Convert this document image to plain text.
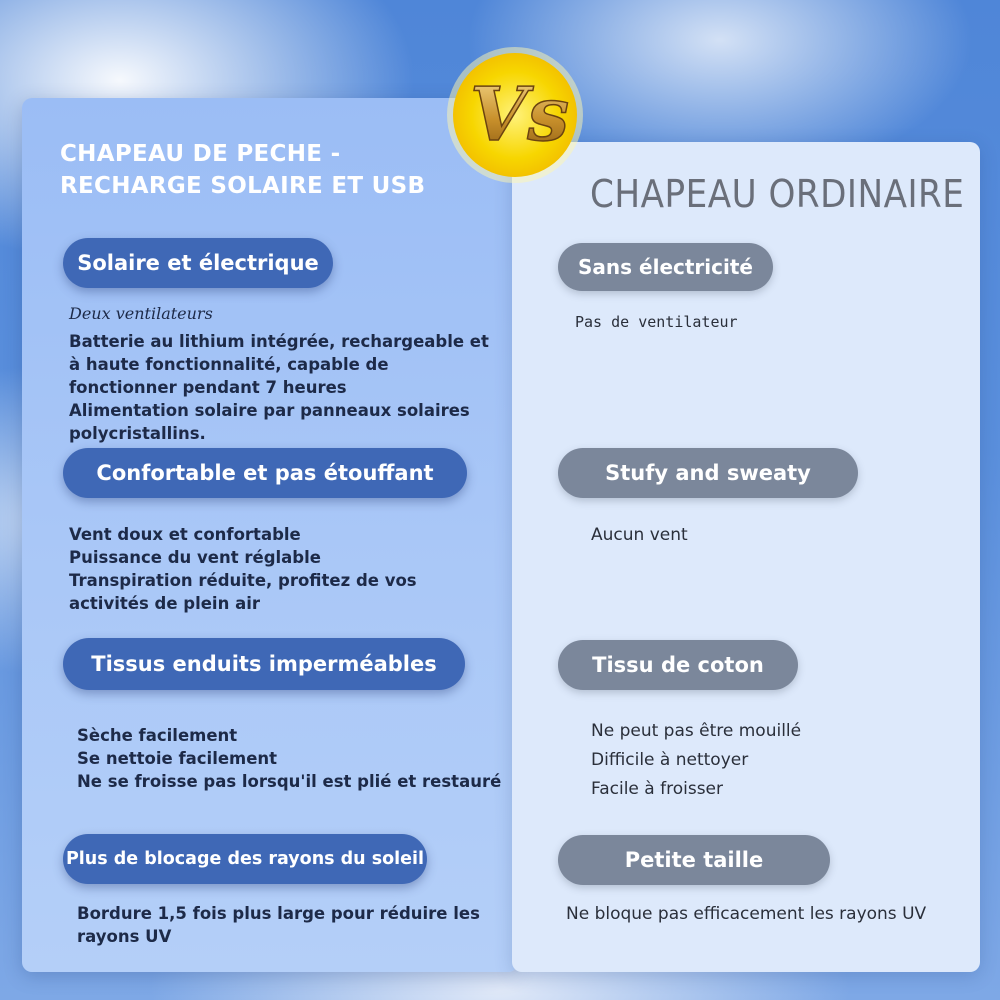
Vs
CHAPEAU DE PECHE -
RECHARGE SOLAIRE ET USB	CHAPEAU ORDINAIRE
Solaire et électrique
Deux ventilateurs
Batterie au lithium intégrée, rechargeable et
à haute fonctionnalité, capable de
fonctionner pendant 7 heures
Alimentation solaire par panneaux solaires
polycristallins.
Confortable et pas étouffant
Vent doux et confortable
Puissance du vent réglable
Transpiration réduite, profitez de vos
activités de plein air
Tissus enduits imperméables
Sèche facilement
Se nettoie facilement
Ne se froisse pas lorsqu'il est plié et restauré
Plus de blocage des rayons du soleil
Bordure 1,5 fois plus large pour réduire les
rayons UV
Sans électricité
Pas de ventilateur
Stufy and sweaty
Aucun vent
Tissu de coton
Ne peut pas être mouillé
Difficile à nettoyer
Facile à froisser
Petite taille
Ne bloque pas efficacement les rayons UV
